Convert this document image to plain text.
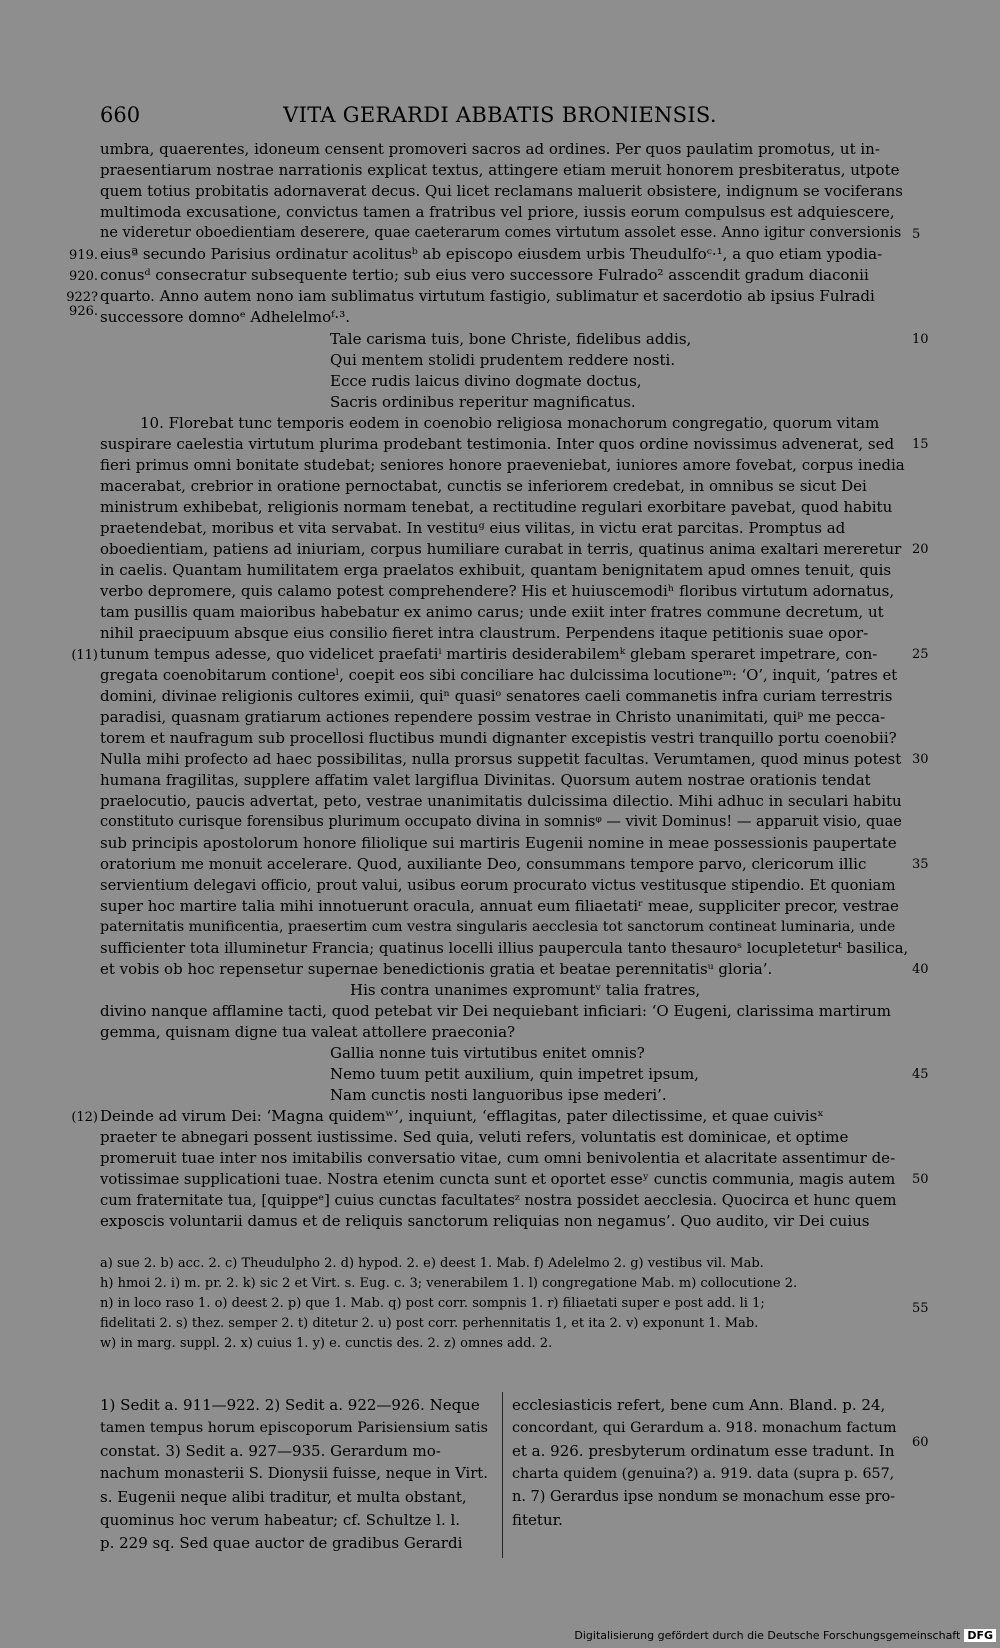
660	VITA GERARDI ABBATIS BRONIENSIS.
umbra, quaerentes, idoneum censent promoveri sacros ad ordines. Per quos paulatim promotus, ut in-
praesentiarum nostrae narrationis explicat textus, attingere etiam meruit honorem presbiteratus, utpote
quem totius probitatis adornaverat decus. Qui licet reclamans maluerit obsistere, indignum se vociferans
multimoda excusatione, convictus tamen a fratribus vel priore, iussis eorum compulsus est adquiescere,
ne videretur oboedientiam deserere, quae caeterarum comes virtutum assolet esse. Anno igitur conversionis
eiusª secundo Parisius ordinatur acolitusᵇ ab episcopo eiusdem urbis Theudulfoᶜ·¹, a quo etiam ypodia-
conusᵈ consecratur subsequente tertio; sub eius vero successore Fulrado² asscendit gradum diaconii
quarto. Anno autem nono iam sublimatus virtutum fastigio, sublimatur et sacerdotio ab ipsius Fulradi
successore domnoᵉ Adhelelmoᶠ·³.
Tale carisma tuis, bone Christe, fidelibus addis,
Qui mentem stolidi prudentem reddere nosti.
Ecce rudis laicus divino dogmate doctus,
Sacris ordinibus reperitur magnificatus.
10. Florebat tunc temporis eodem in coenobio religiosa monachorum congregatio, quorum vitam
suspirare caelestia virtutum plurima prodebant testimonia. Inter quos ordine novissimus advenerat, sed
fieri primus omni bonitate studebat; seniores honore praeveniebat, iuniores amore fovebat, corpus inedia
macerabat, crebrior in oratione pernoctabat, cunctis se inferiorem credebat, in omnibus se sicut Dei
ministrum exhibebat, religionis normam tenebat, a rectitudine regulari exorbitare pavebat, quod habitu
praetendebat, moribus et vita servabat. In vestituᵍ eius vilitas, in victu erat parcitas. Promptus ad
oboedientiam, patiens ad iniuriam, corpus humiliare curabat in terris, quatinus anima exaltari mereretur
in caelis. Quantam humilitatem erga praelatos exhibuit, quantam benignitatem apud omnes tenuit, quis
verbo depromere, quis calamo potest comprehendere? His et huiuscemodiʰ floribus virtutum adornatus,
tam pusillis quam maioribus habebatur ex animo carus; unde exiit inter fratres commune decretum, ut
nihil praecipuum absque eius consilio fieret intra claustrum. Perpendens itaque petitionis suae opor-
tunum tempus adesse, quo videlicet praefatiⁱ martiris desiderabilemᵏ glebam speraret impetrare, con-
gregata coenobitarum contioneˡ, coepit eos sibi conciliare hac dulcissima locutioneᵐ: ‘O’, inquit, ‘patres et
domini, divinae religionis cultores eximii, quiⁿ quasiᵒ senatores caeli commanetis infra curiam terrestris
paradisi, quasnam gratiarum actiones rependere possim vestrae in Christo unanimitati, quiᵖ me pecca-
torem et naufragum sub procellosi fluctibus mundi dignanter excepistis vestri tranquillo portu coenobii?
Nulla mihi profecto ad haec possibilitas, nulla prorsus suppetit facultas. Verumtamen, quod minus potest
humana fragilitas, supplere affatim valet largiflua Divinitas. Quorsum autem nostrae orationis tendat
praelocutio, paucis advertat, peto, vestrae unanimitatis dulcissima dilectio. Mihi adhuc in seculari habitu
constituto curisque forensibus plurimum occupato divina in somnisᵠ — vivit Dominus! — apparuit visio, quae
sub principis apostolorum honore filiolique sui martiris Eugenii nomine in meae possessionis paupertate
oratorium me monuit accelerare. Quod, auxiliante Deo, consummans tempore parvo, clericorum illic
servientium delegavi officio, prout valui, usibus eorum procurato victus vestitusque stipendio. Et quoniam
super hoc martire talia mihi innotuerunt oracula, annuat eum filiaetatiʳ meae, suppliciter precor, vestrae
paternitatis munificentia, praesertim cum vestra singularis aecclesia tot sanctorum contineat luminaria, unde
sufficienter tota illuminetur Francia; quatinus locelli illius paupercula tanto thesauroˢ locupleteturᵗ basilica,
et vobis ob hoc repensetur supernae benedictionis gratia et beatae perennitatisᵘ gloria’.
His contra unanimes expromuntᵛ talia fratres,
divino nanque afflamine tacti, quod petebat vir Dei nequiebant inficiari: ‘O Eugeni, clarissima martirum
gemma, quisnam digne tua valeat attollere praeconia?
Gallia nonne tuis virtutibus enitet omnis?
Nemo tuum petit auxilium, quin impetret ipsum,
Nam cunctis nosti languoribus ipse mederi’.
Deinde ad virum Dei: ‘Magna quidemʷ’, inquiunt, ‘efflagitas, pater dilectissime, et quae cuivisˣ
praeter te abnegari possent iustissime. Sed quia, veluti refers, voluntatis est dominicae, et optime
promeruit tuae inter nos imitabilis conversatio vitae, cum omni benivolentia et alacritate assentimur de-
votissimae supplicationi tuae. Nostra etenim cuncta sunt et oportet esseʸ cunctis communia, magis autem
cum fraternitate tua, [quippeᵉ] cuius cunctas facultatesᶻ nostra possidet aecclesia. Quocirca et hunc quem
exposcis voluntarii damus et de reliquis sanctorum reliquias non negamus’. Quo audito, vir Dei cuius
5
10
15
20
25
30
35
40
45
50
55
60
919.
920.
922?
926.
(11)
(12)
a) sue 2. b) acc. 2. c) Theudulpho 2. d) hypod. 2. e) deest 1. Mab. f) Adelelmo 2. g) vestibus vil. Mab.
h) hmoi 2. i) m. pr. 2. k) sic 2 et Virt. s. Eug. c. 3; venerabilem 1. l) congregatione Mab. m) collocutione 2.
n) in loco raso 1. o) deest 2. p) que 1. Mab. q) post corr. sompnis 1. r) filiaetati super e post add. li 1;
fidelitati 2. s) thez. semper 2. t) ditetur 2. u) post corr. perhennitatis 1, et ita 2. v) exponunt 1. Mab.
w) in marg. suppl. 2. x) cuius 1. y) e. cunctis des. 2. z) omnes add. 2.
1) Sedit a. 911—922. 2) Sedit a. 922—926. Neque
tamen tempus horum episcoporum Parisiensium satis
constat. 3) Sedit a. 927—935. Gerardum mo-
nachum monasterii S. Dionysii fuisse, neque in Virt.
s. Eugenii neque alibi traditur, et multa obstant,
quominus hoc verum habeatur; cf. Schultze l. l.
p. 229 sq. Sed quae auctor de gradibus Gerardi
ecclesiasticis refert, bene cum Ann. Bland. p. 24,
concordant, qui Gerardum a. 918. monachum factum
et a. 926. presbyterum ordinatum esse tradunt. In
charta quidem (genuina?) a. 919. data (supra p. 657,
n. 7) Gerardus ipse nondum se monachum esse pro-
fitetur.
Digitalisierung gefördert durch die Deutsche Forschungsgemeinschaft DFG
